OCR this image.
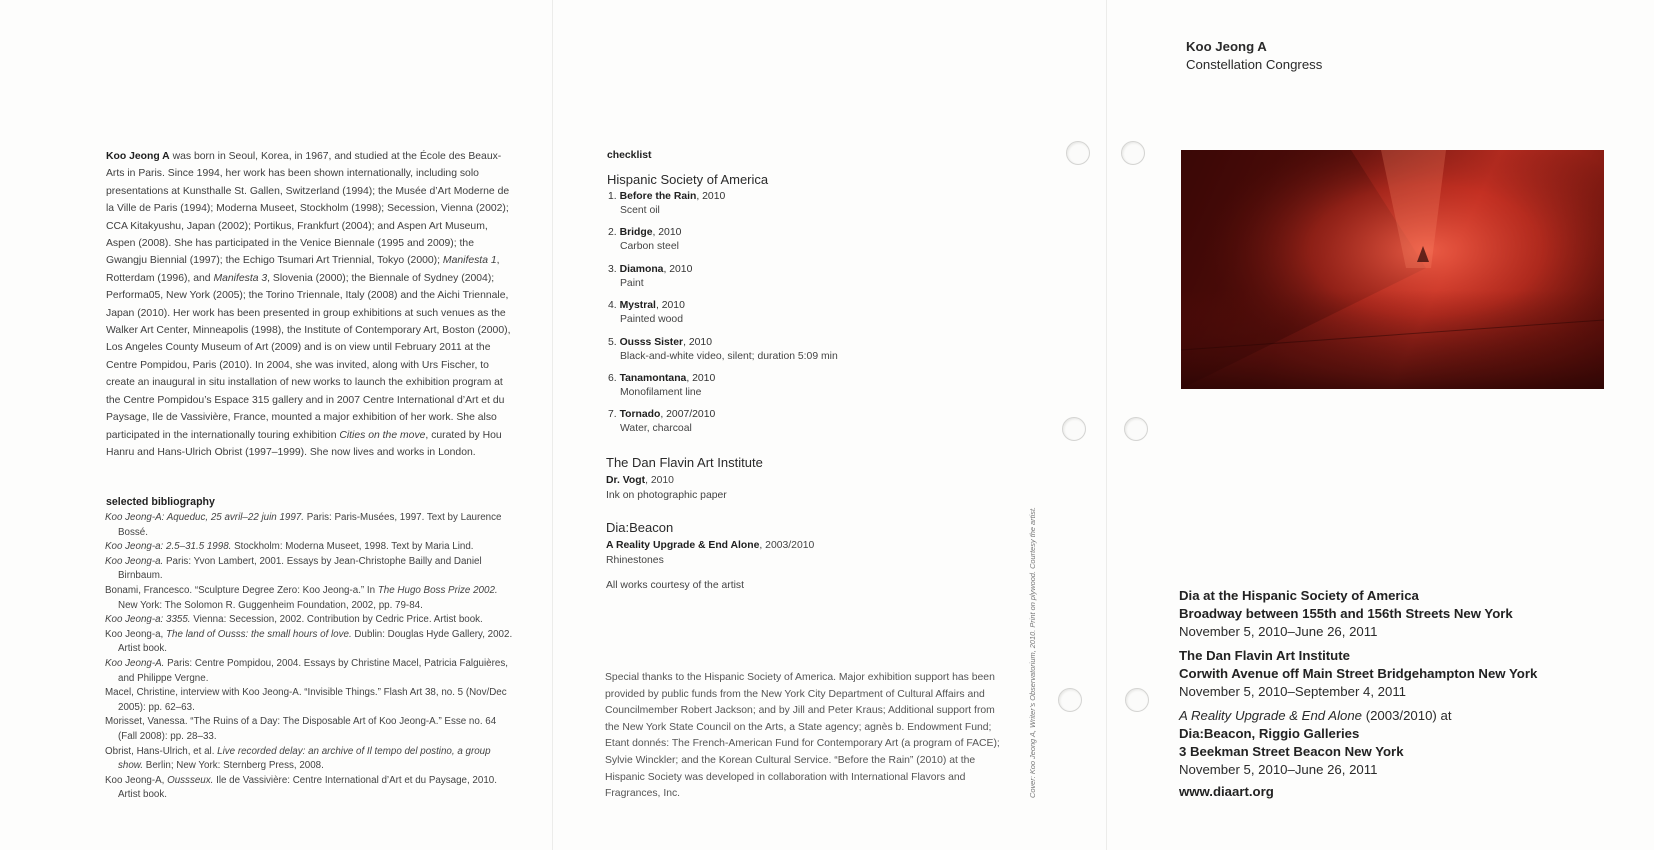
Koo Jeong A was born in Seoul, Korea, in 1967, and studied at the École des Beaux-Arts in Paris. Since 1994, her work has been shown internationally, including solo presentations at Kunsthalle St. Gallen, Switzerland (1994); the Musée d’Art Moderne de la Ville de Paris (1994); Moderna Museet, Stockholm (1998); Secession, Vienna (2002); CCA Kitakyushu, Japan (2002); Portikus, Frankfurt (2004); and Aspen Art Museum, Aspen (2008). She has participated in the Venice Biennale (1995 and 2009); the Gwangju Biennial (1997); the Echigo Tsumari Art Triennial, Tokyo (2000); Manifesta 1, Rotterdam (1996), and Manifesta 3, Slovenia (2000); the Biennale of Sydney (2004); Performa05, New York (2005); the Torino Triennale, Italy (2008) and the Aichi Triennale, Japan (2010). Her work has been presented in group exhibitions at such venues as the Walker Art Center, Minneapolis (1998), the Institute of Contemporary Art, Boston (2000), Los Angeles County Museum of Art (2009) and is on view until February 2011 at the Centre Pompidou, Paris (2010). In 2004, she was invited, along with Urs Fischer, to create an inaugural in situ installation of new works to launch the exhibition program at the Centre Pompidou’s Espace 315 gallery and in 2007 Centre International d’Art et du Paysage, Ile de Vassivière, France, mounted a major exhibition of her work. She also participated in the internationally touring exhibition Cities on the move, curated by Hou Hanru and Hans-Ulrich Obrist (1997–1999). She now lives and works in London.

selected bibliography
Koo Jeong-A: Aqueduc, 25 avril–22 juin 1997. Paris: Paris-Musées, 1997. Text by Laurence Bossé.
Koo Jeong-a: 2.5–31.5 1998. Stockholm: Moderna Museet, 1998. Text by Maria Lind.
Koo Jeong-a. Paris: Yvon Lambert, 2001. Essays by Jean-Christophe Bailly and Daniel Birnbaum.
Bonami, Francesco. “Sculpture Degree Zero: Koo Jeong-a.” In The Hugo Boss Prize 2002. New York: The Solomon R. Guggenheim Foundation, 2002, pp. 79-84.
Koo Jeong-a: 3355. Vienna: Secession, 2002. Contribution by Cedric Price. Artist book.
Koo Jeong-a, The land of Ousss: the small hours of love. Dublin: Douglas Hyde Gallery, 2002. Artist book.
Koo Jeong-A. Paris: Centre Pompidou, 2004. Essays by Christine Macel, Patricia Falguières, and Philippe Vergne.
Macel, Christine, interview with Koo Jeong-A. “Invisible Things.” Flash Art 38, no. 5 (Nov/Dec 2005): pp. 62–63.
Morisset, Vanessa. “The Ruins of a Day: The Disposable Art of Koo Jeong-A.” Esse no. 64 (Fall 2008): pp. 28–33.
Obrist, Hans-Ulrich, et al. Live recorded delay: an archive of Il tempo del postino, a group show. Berlin; New York: Sternberg Press, 2008.
Koo Jeong-A, Oussseux. Ile de Vassivière: Centre International d’Art et du Paysage, 2010. Artist book.
checklist
Hispanic Society of America
1. Before the Rain, 2010
Scent oil
2. Bridge, 2010
Carbon steel
3. Diamona, 2010
Paint
4. Mystral, 2010
Painted wood
5. Ousss Sister, 2010
Black-and-white video, silent; duration 5:09 min
6. Tanamontana, 2010
Monofilament line
7. Tornado, 2007/2010
Water, charcoal
The Dan Flavin Art Institute
Dr. Vogt, 2010
Ink on photographic paper
Dia:Beacon
A Reality Upgrade & End Alone, 2003/2010
Rhinestones
All works courtesy of the artist

Special thanks to the Hispanic Society of America. Major exhibition support has been provided by public funds from the New York City Department of Cultural Affairs and Councilmember Robert Jackson; and by Jill and Peter Kraus; Additional support from the New York State Council on the Arts, a State agency; agnès b. Endowment Fund; Etant donnés: The French-American Fund for Contemporary Art (a program of FACE); Sylvie Winckler; and the Korean Cultural Service. “Before the Rain” (2010) at the Hispanic Society was developed in collaboration with International Flavors and Fragrances, Inc.	Cover: Koo Jeong A, Writer’s Observatorium, 2010. Print on plywood. Courtesy the artist.
Koo Jeong A
Constellation Congress
Dia at the Hispanic Society of America
Broadway between 155th and 156th Streets New York
November 5, 2010–June 26, 2011
The Dan Flavin Art Institute
Corwith Avenue off Main Street Bridgehampton New York
November 5, 2010–September 4, 2011
A Reality Upgrade & End Alone (2003/2010) at
Dia:Beacon, Riggio Galleries
3 Beekman Street Beacon New York
November 5, 2010–June 26, 2011
www.diaart.org
